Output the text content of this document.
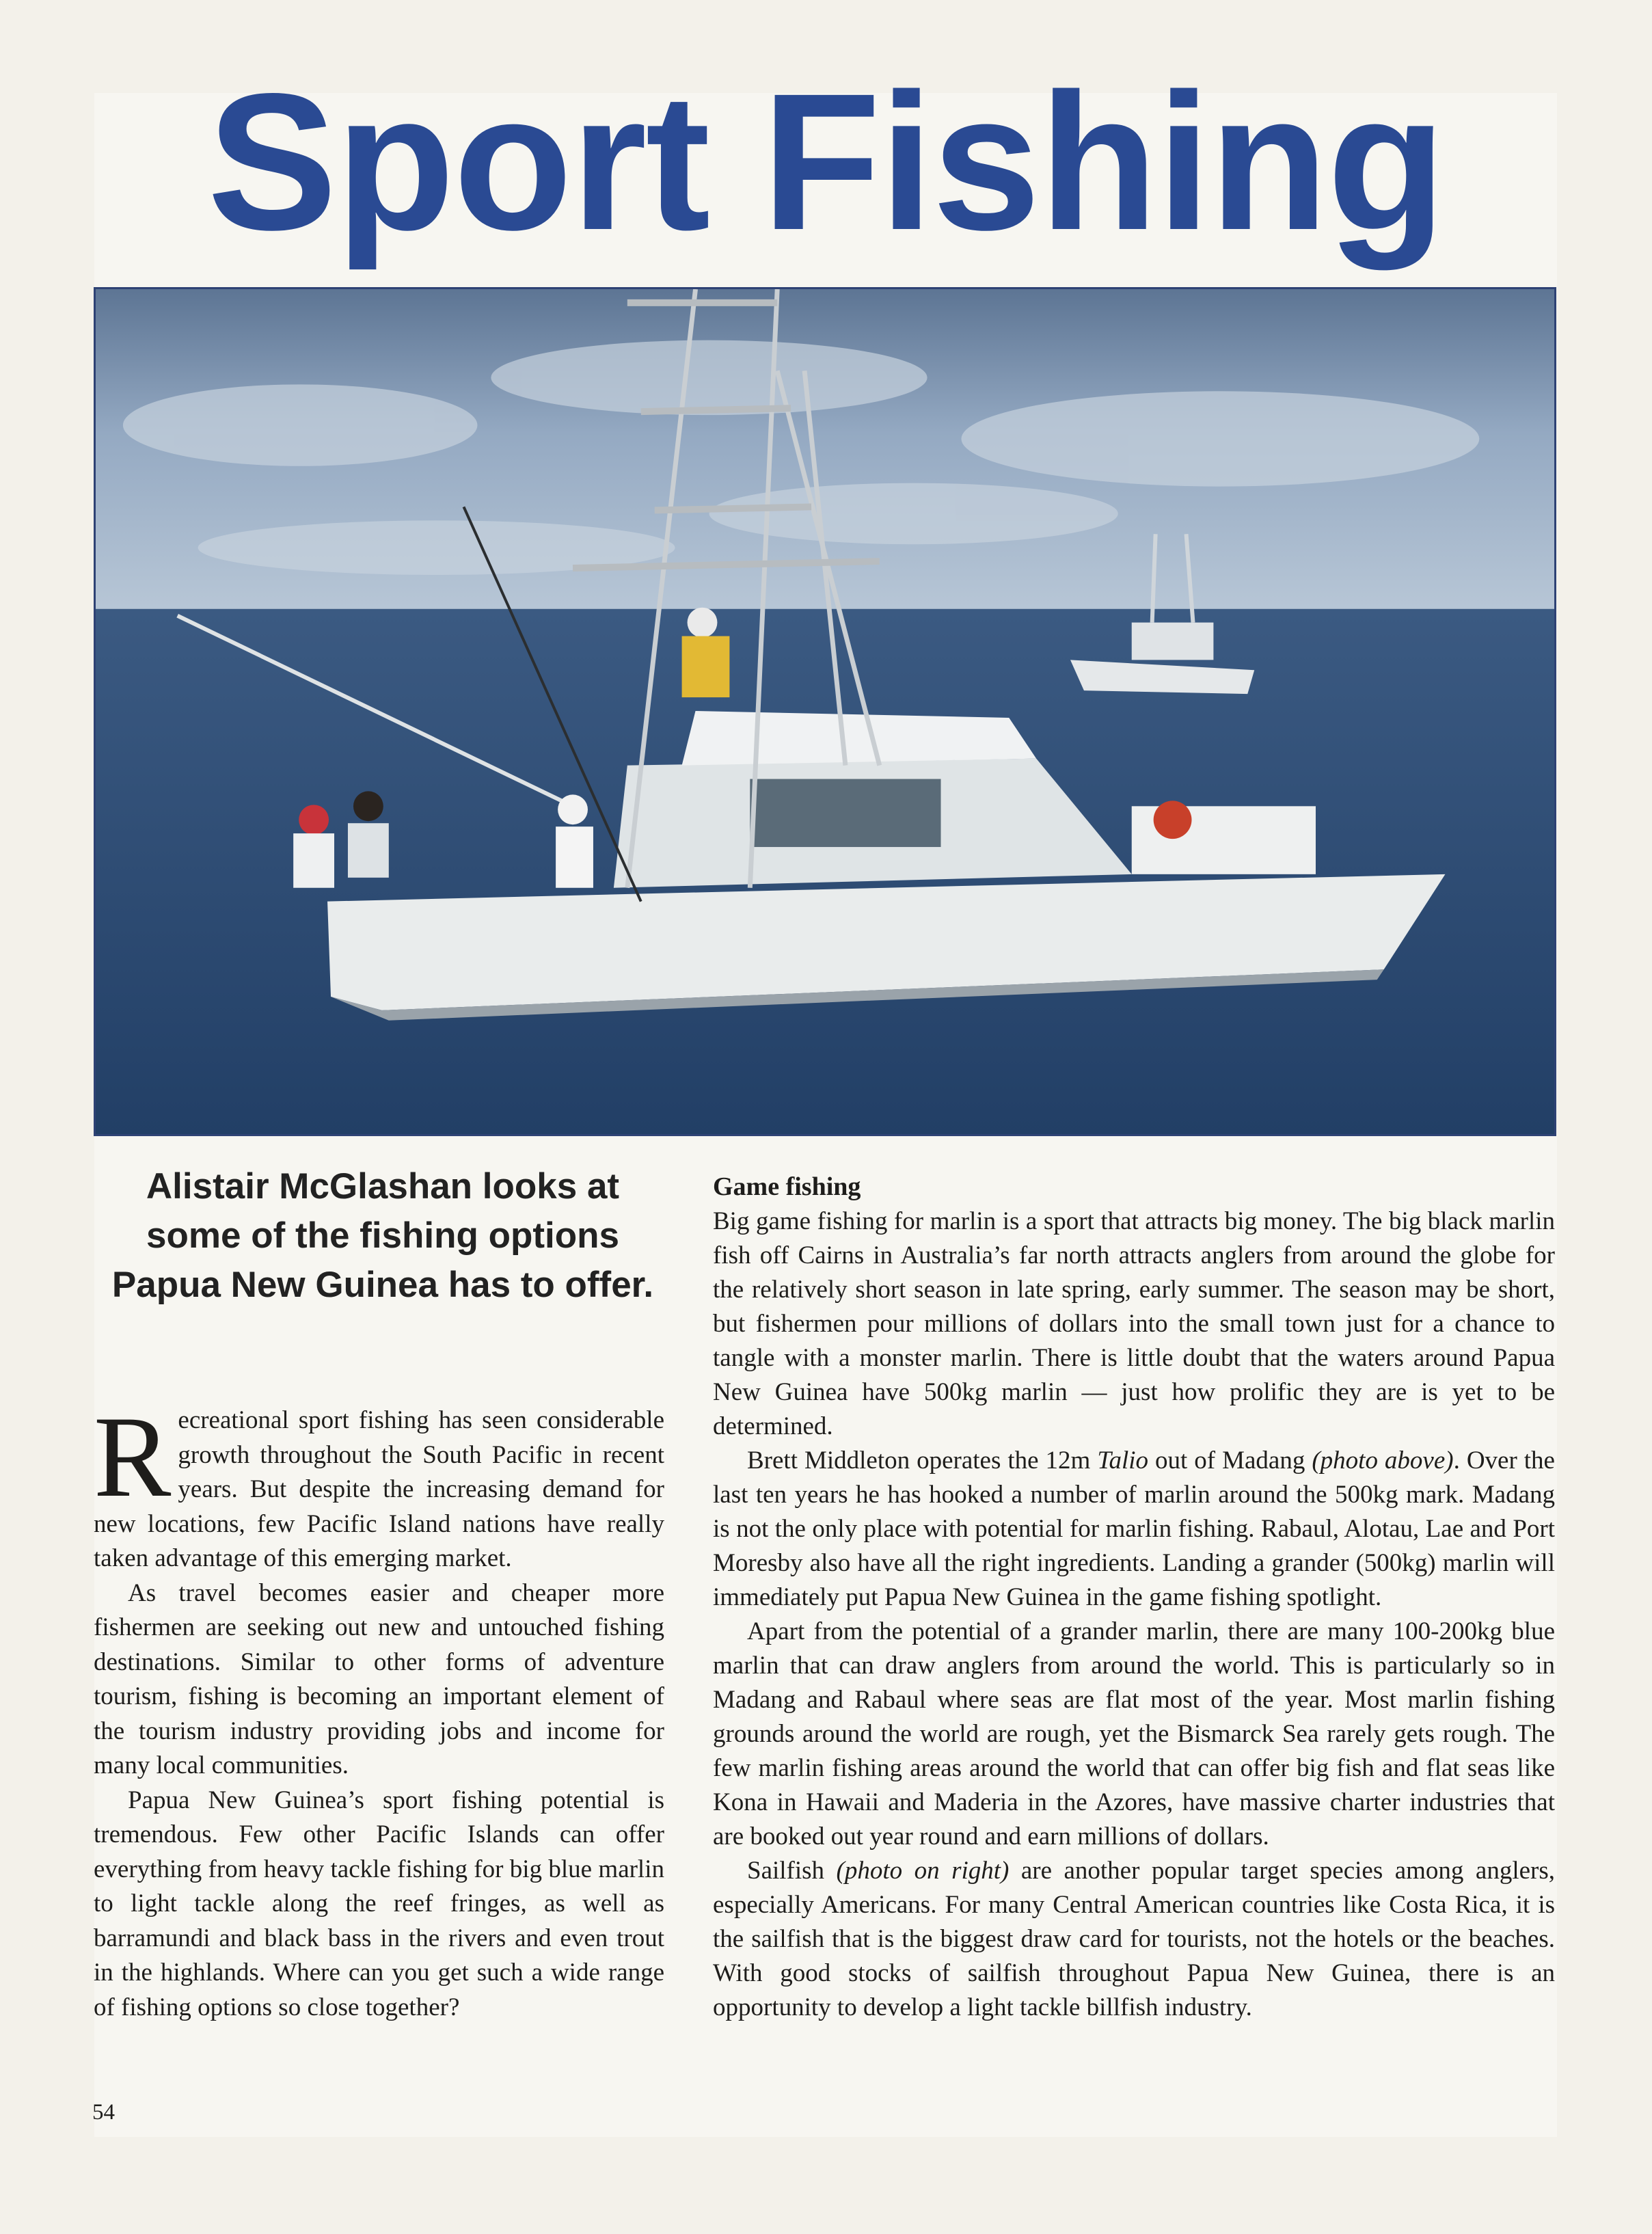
Sport Fishing
Alistair McGlashan looks at some of the fishing options Papua New Guinea has to offer.

Recreational sport fishing has seen considerable growth throughout the South Pacific in recent years. But despite the increasing demand for new locations, few Pacific Island nations have really taken advantage of this emerging market.

As travel becomes easier and cheaper more fishermen are seeking out new and untouched fishing destinations. Similar to other forms of adventure tourism, fishing is becoming an important element of the tourism industry providing jobs and income for many local communities.

Papua New Guinea’s sport fishing potential is tremendous. Few other Pacific Islands can offer everything from heavy tackle fishing for big blue marlin to light tackle along the reef fringes, as well as barramundi and black bass in the rivers and even trout in the highlands. Where can you get such a wide range of fishing options so close together?

Game fishing

Big game fishing for marlin is a sport that attracts big money. The big black marlin fish off Cairns in Australia’s far north attracts anglers from around the globe for the relatively short season in late spring, early summer. The season may be short, but fishermen pour millions of dollars into the small town just for a chance to tangle with a monster marlin. There is little doubt that the waters around Papua New Guinea have 500kg marlin — just how prolific they are is yet to be determined.

Brett Middleton operates the 12m Talio out of Madang (photo above). Over the last ten years he has hooked a number of marlin around the 500kg mark. Madang is not the only place with potential for marlin fishing. Rabaul, Alotau, Lae and Port Moresby also have all the right ingredients. Landing a grander (500kg) marlin will immediately put Papua New Guinea in the game fishing spotlight.

Apart from the potential of a grander marlin, there are many 100-200kg blue marlin that can draw anglers from around the world. This is particularly so in Madang and Rabaul where seas are flat most of the year. Most marlin fishing grounds around the world are rough, yet the Bismarck Sea rarely gets rough. The few marlin fishing areas around the world that can offer big fish and flat seas like Kona in Hawaii and Maderia in the Azores, have massive charter industries that are booked out year round and earn millions of dollars.

Sailfish (photo on right) are another popular target species among anglers, especially Americans. For many Central American countries like Costa Rica, it is the sailfish that is the biggest draw card for tourists, not the hotels or the beaches. With good stocks of sailfish throughout Papua New Guinea, there is an opportunity to develop a light tackle billfish industry.

54
